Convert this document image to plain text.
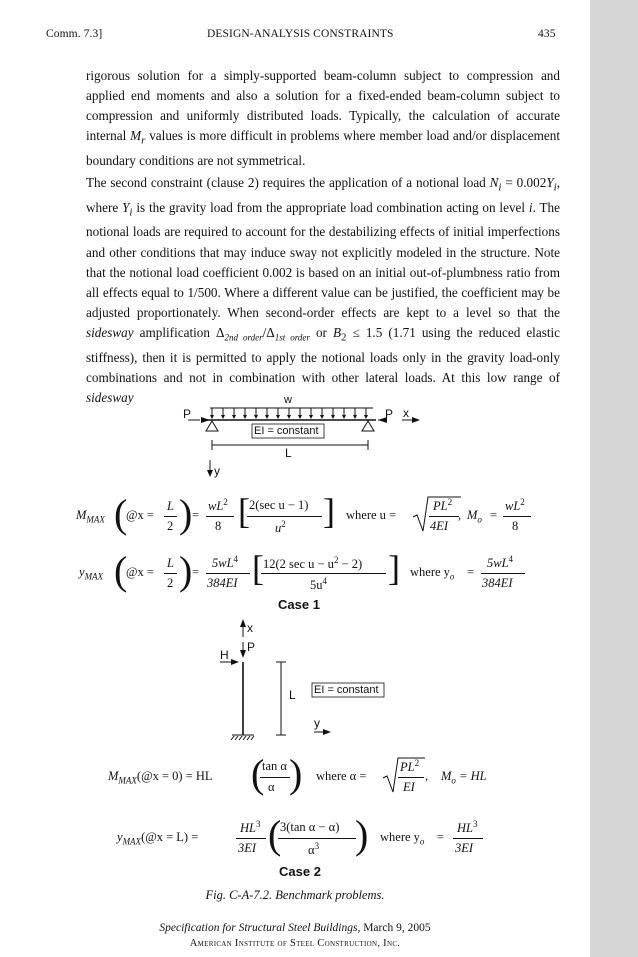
Comm. 7.3]	DESIGN-ANALYSIS CONSTRAINTS	435

rigorous solution for a simply-supported beam-column subject to compression and applied end moments and also a solution for a fixed-ended beam-column subject to compression and uniformly distributed loads. Typically, the calculation of accurate internal $M_r$ values is more difficult in problems where member load and/or displacement boundary conditions are not symmetrical.

The second constraint (clause 2) requires the application of a notional load $N_i = 0.002Y_i$, where $Y_i$ is the gravity load from the appropriate load combination acting on level i. The notional loads are required to account for the destabilizing effects of initial imperfections and other conditions that may induce sway not explicitly modeled in the structure. Note that the notional load coefficient 0.002 is based on an initial out-of-plumbness ratio from all effects equal to 1/500. Where a different value can be justified, the coefficient may be adjusted proportionately. When second-order effects are kept to a level so that the sidesway amplification $\Delta_{2nd order}/\Delta_{1st order}$ or $B_2 \le 1.5$ (1.71 using the reduced elastic stiffness), then it is permitted to apply the notional loads only in the gravity load-only combinations and not in combination with other lateral loads. At this low range of sidesway	w
P	P x
EI = constant
L
y
$M_{MAX}$ (
@x =
L
2 ) =
$wL^2$
8 [ 2(sec u − 1)
$u^2$ ] where u =
$PL^2$
4EI
, $M_o$ =
$wL^2$
8
$y_{MAX}$ (
@x =
L
2 ) =
$5wL^4$
384EI [ 12(2 $\sec u - u^2 - 2$)
$5u^4$ ] where $y_o$ =
$5wL^4$
384EI
Case 1
x
H
P
L EI = constant
y
$M_{MAX}(@x = 0)$ = HL (
tan α
α ) where α =
$PL^2$
EI
, $M_o$ = HL
$y_{MAX}(@x = L)$ =
$HL^3$
3EI (
3(tan α − α)
$\alpha^3$ ) where $y_o$ =
$HL^3$
3EI
Case 2
Fig. C-A-7.2. Benchmark problems.
Specification for Structural Steel Buildings, March 9, 2005
American Institute of Steel Construction, Inc.
